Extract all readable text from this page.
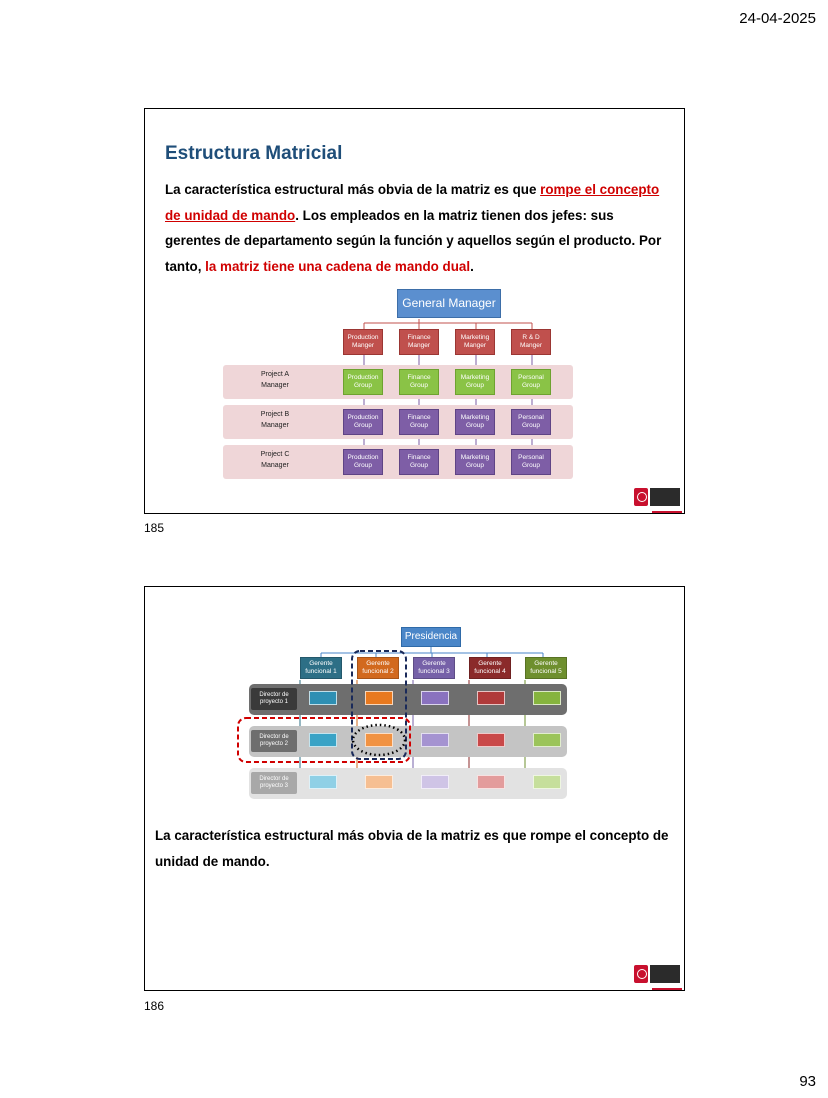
24-04-2025
Estructura Matricial
La característica estructural más obvia de la matriz es que rompe el concepto de unidad de mando. Los empleados en la matriz tienen dos jefes: sus gerentes de departamento según la función y aquellos según el producto. Por tanto, la matriz tiene una cadena de mando dual.
General Manager
Production Manger
Finance Manger
Marketing Manger
R & D Manger
Project A Manager
Project B Manager
Project C Manager
Production Group
Finance Group
Marketing Group
Personal Group
Production Group
Finance Group
Marketing Group
Personal Group
Production Group
Finance Group
Marketing Group
Personal Group
185
Presidencia
Gerente funcional 1
Gerente funcional 2
Gerente funcional 3
Gerente funcional 4
Gerente funcional 5
Director de proyecto 1
Director de proyecto 2
Director de proyecto 3
La característica estructural más obvia de la matriz es que rompe el concepto de unidad de mando.
186
93
